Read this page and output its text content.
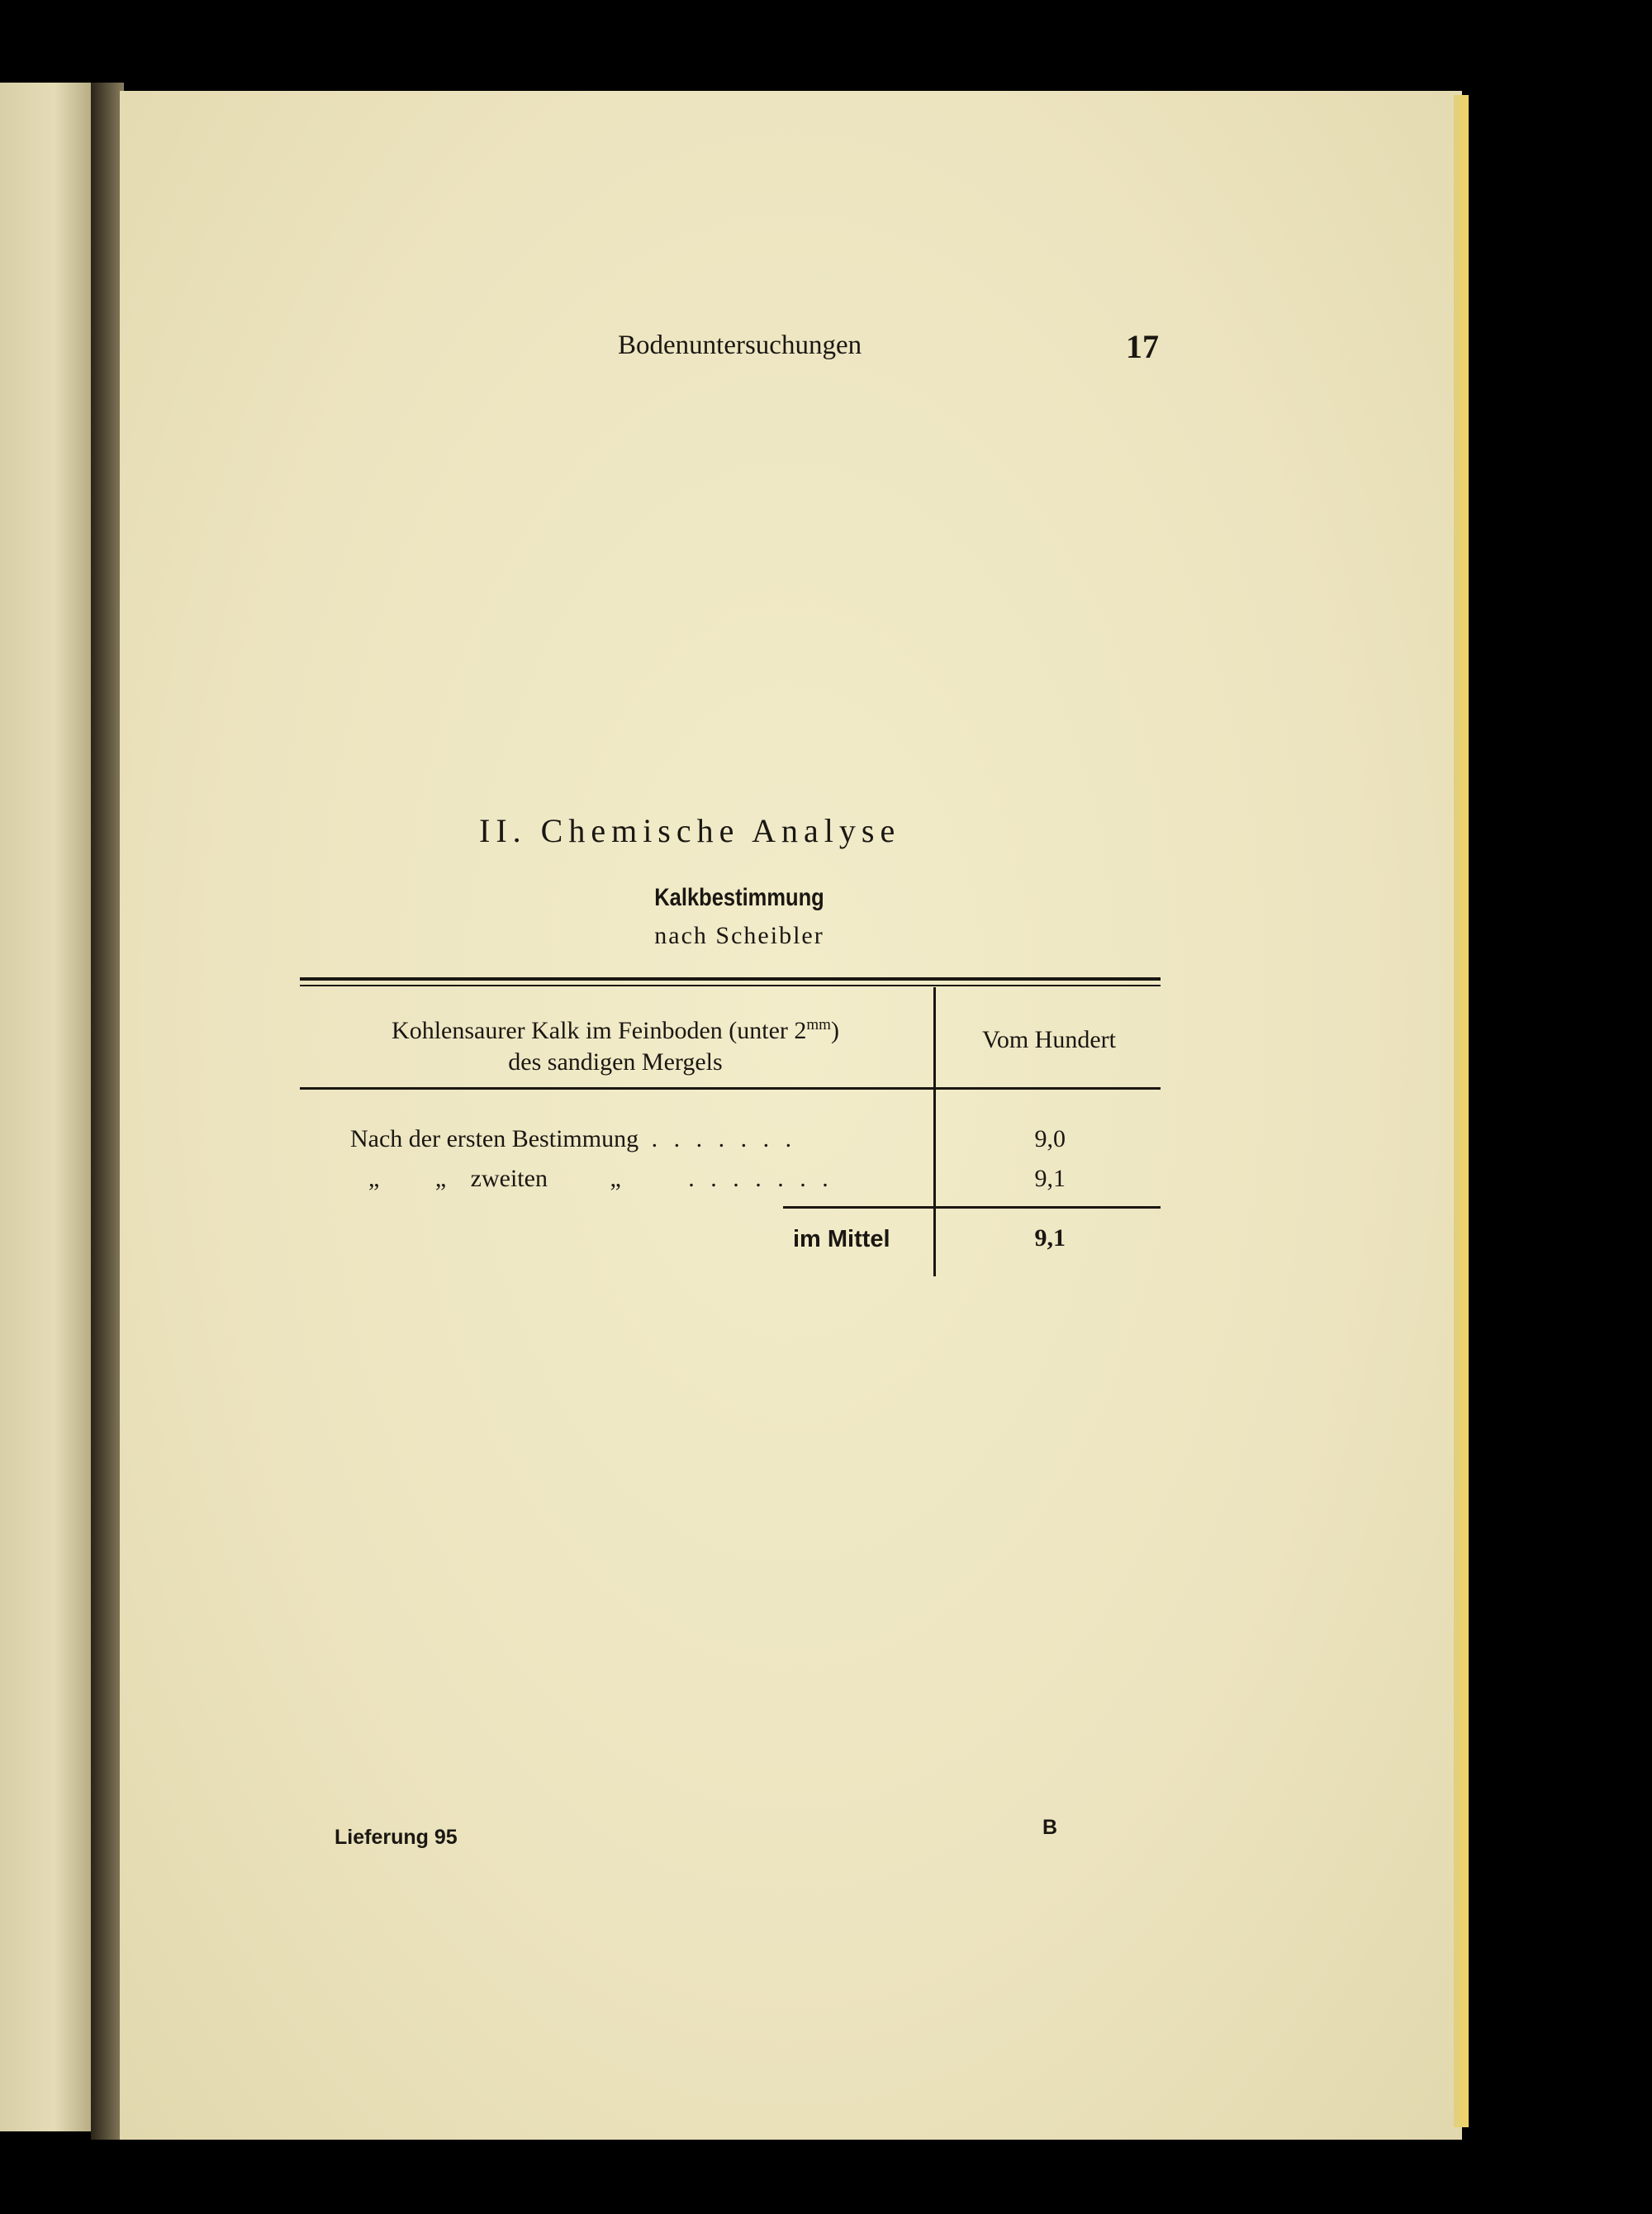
Bodenuntersuchungen	17
II. Chemische Analyse
Kalkbestimmung
nach Scheibler
Kohlensaurer Kalk im Feinboden (unter $2^{mm}$)
des sandigen Mergels
Vom Hundert
Nach der ersten Bestimmung . . . . . . .	9,0
„ „ zweiten	„	. . . . . . .	9,1
im Mittel	9,1
Lieferung 95	B
